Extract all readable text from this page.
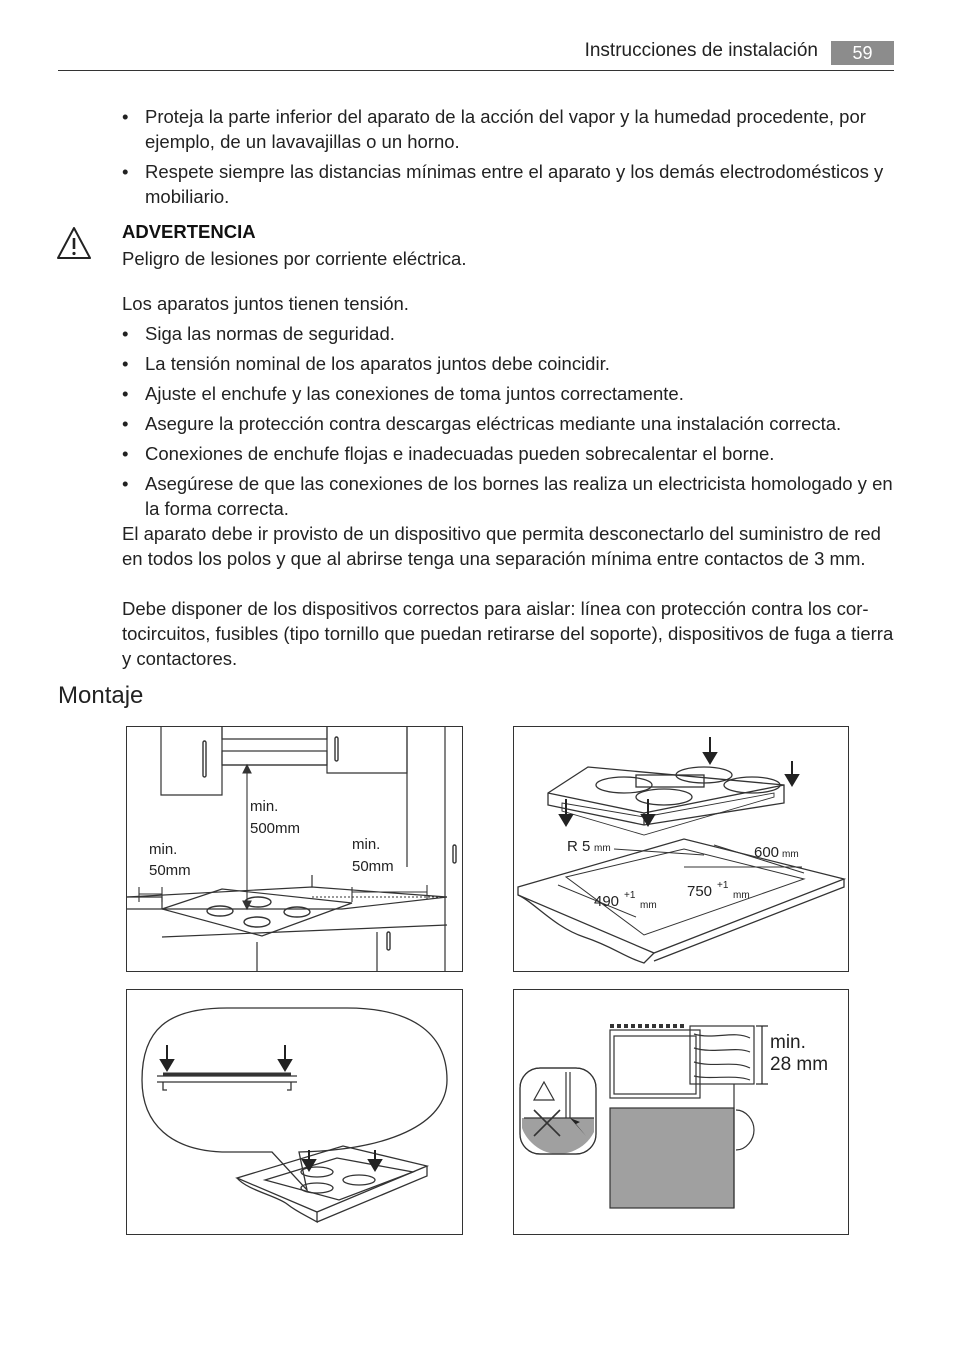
Instrucciones de instalación	59
• Proteja la parte inferior del aparato de la acción del vapor y la humedad procedente, por ejemplo, de un lavavajillas o un horno.
• Respete siempre las distancias mínimas entre el aparato y los demás electrodomésticos y mobiliario.
ADVERTENCIA
Peligro de lesiones por corriente eléctrica.
Los aparatos juntos tienen tensión.
• Siga las normas de seguridad.
• La tensión nominal de los aparatos juntos debe coincidir.
• Ajuste el enchufe y las conexiones de toma juntos correctamente.
• Asegure la protección contra descargas eléctricas mediante una instalación correcta.
• Conexiones de enchufe flojas e inadecuadas pueden sobrecalentar el borne.
• Asegúrese de que las conexiones de los bornes las realiza un electricista homologado y en la forma correcta.
El aparato debe ir provisto de un dispositivo que permita desconectarlo del suministro de red en todos los polos y que al abrirse tenga una separación mínima entre contactos de 3 mm.
Debe disponer de los dispositivos correctos para aislar: línea con protección contra los cor-tocircuitos, fusibles (tipo tornillo que puedan retirarse del soporte), dispositivos de fuga a tierra y contactores.
Montaje
min.
500mm
min.
50mm
min.
50mm
R 5 mm
490 +1
mm
750 +1
mm
600 mm
min.
28 mm
